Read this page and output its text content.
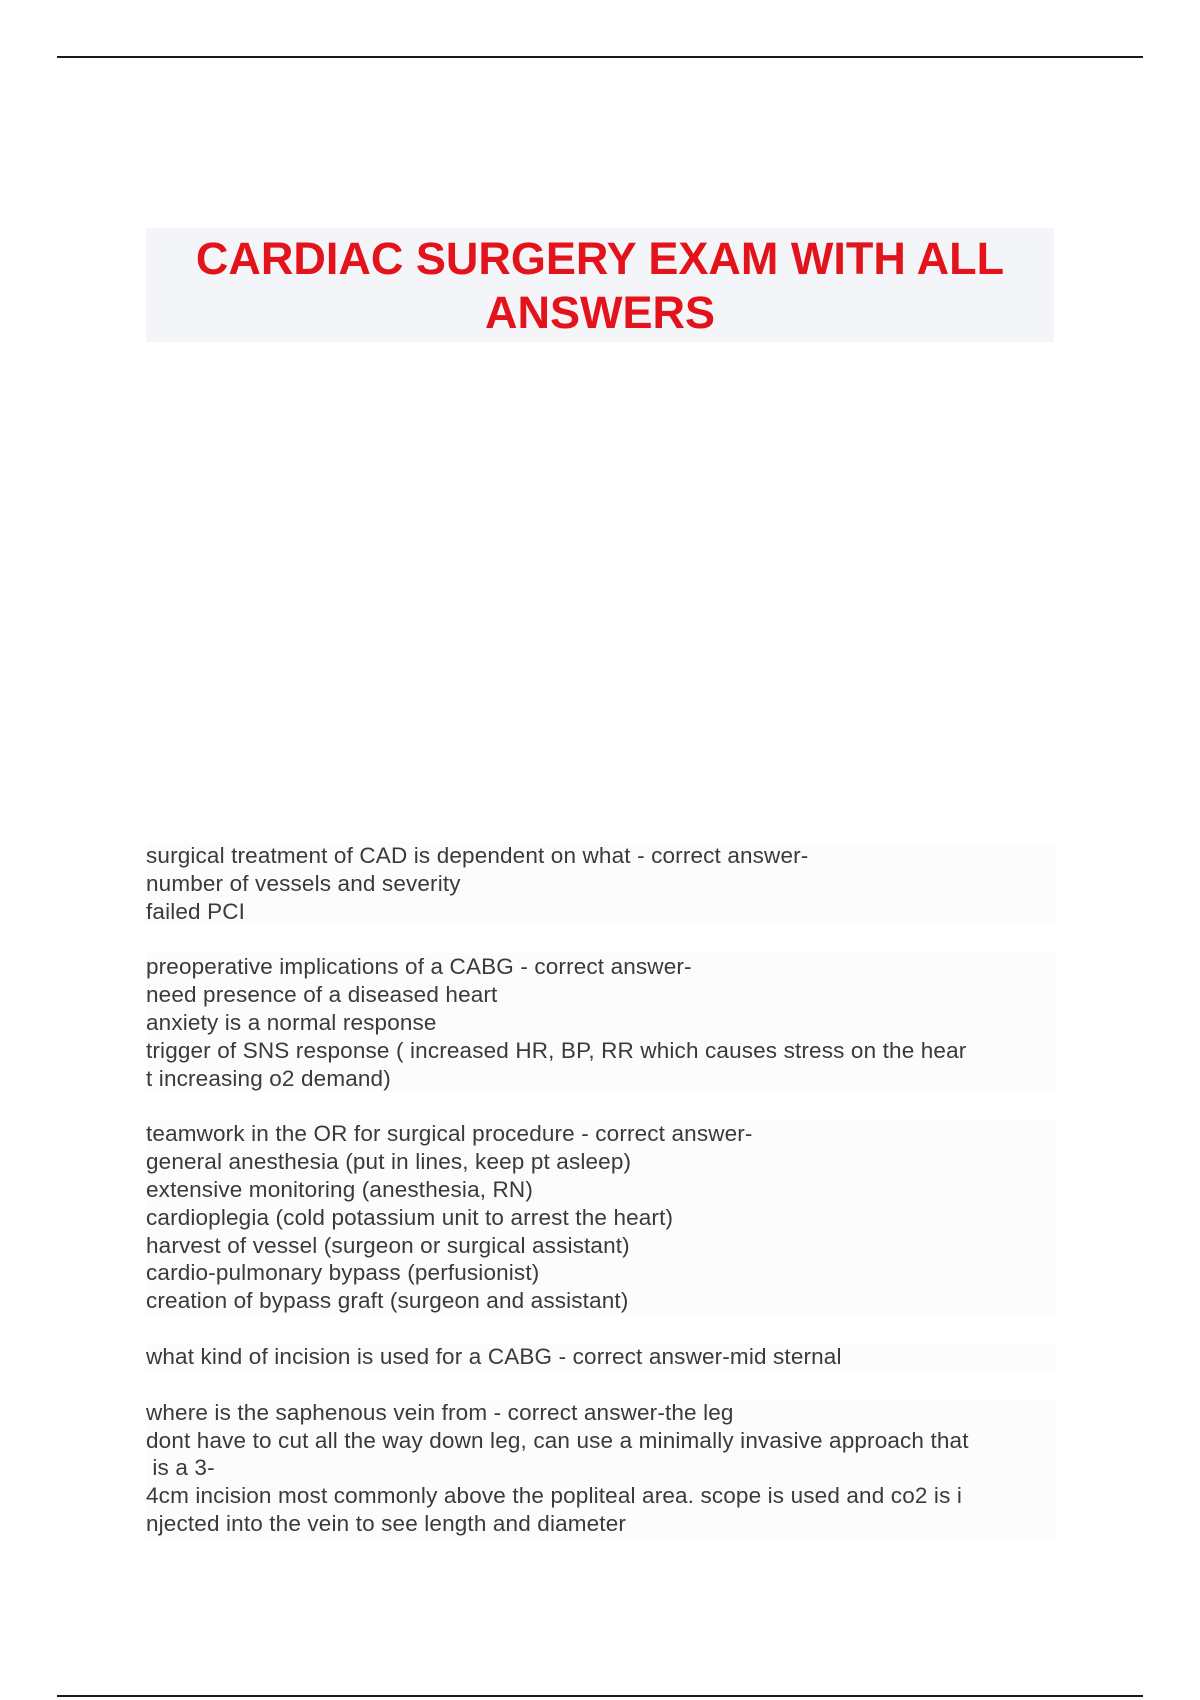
CARDIAC SURGERY EXAM WITH ALL
ANSWERS
surgical treatment of CAD is dependent on what - correct answer-
number of vessels and severity
failed PCI
preoperative implications of a CABG - correct answer-
need presence of a diseased heart
anxiety is a normal response
trigger of SNS response ( increased HR, BP, RR which causes stress on the hear
t increasing o2 demand)
teamwork in the OR for surgical procedure - correct answer-
general anesthesia (put in lines, keep pt asleep)
extensive monitoring (anesthesia, RN)
cardioplegia (cold potassium unit to arrest the heart)
harvest of vessel (surgeon or surgical assistant)
cardio-pulmonary bypass (perfusionist)
creation of bypass graft (surgeon and assistant)
what kind of incision is used for a CABG - correct answer-mid sternal
where is the saphenous vein from - correct answer-the leg
dont have to cut all the way down leg, can use a minimally invasive approach that
is a 3-
4cm incision most commonly above the popliteal area. scope is used and co2 is i
njected into the vein to see length and diameter
